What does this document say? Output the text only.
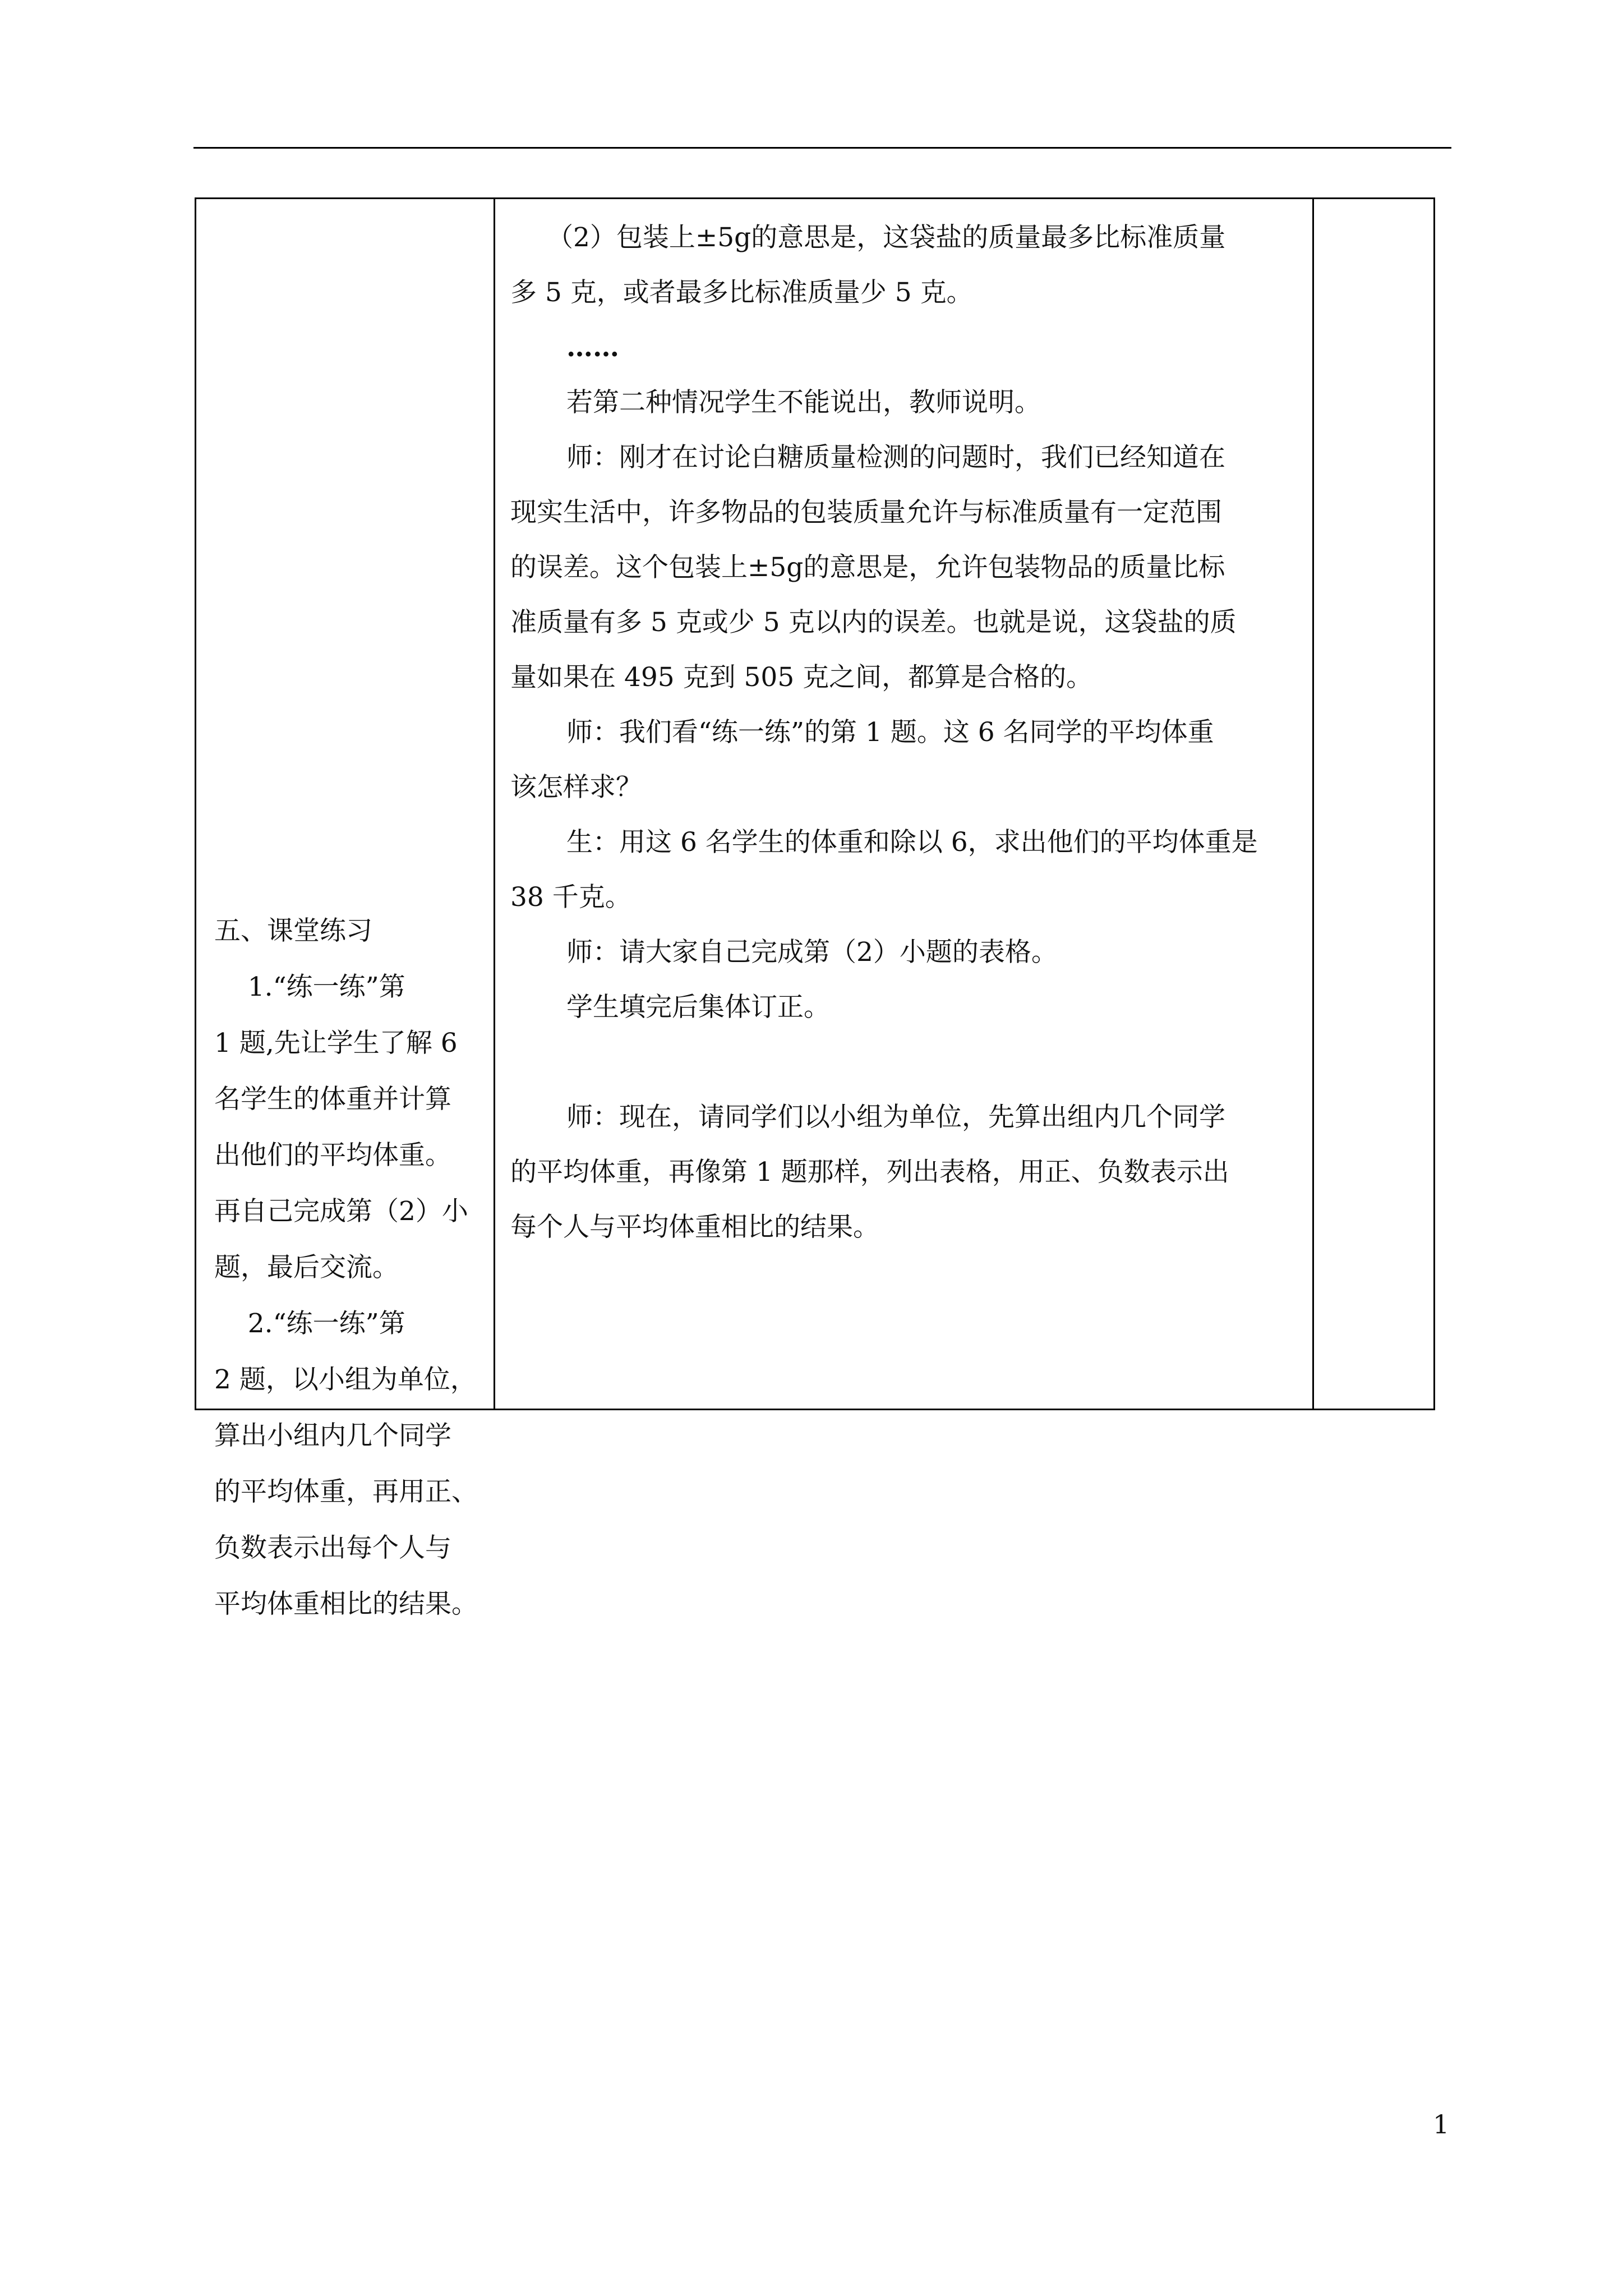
五、课堂练习
1.“练一练”第
1 题,先让学生了解 6
名学生的体重并计算
出他们的平均体重。
再自己完成第（2）小
题，最后交流。
2.“练一练”第
2 题，以小组为单位，
算出小组内几个同学
的平均体重，再用正、
负数表示出每个人与
平均体重相比的结果。
（2）包装上±5g的意思是，这袋盐的质量最多比标准质量
多 5 克，或者最多比标准质量少 5 克。
……
若第二种情况学生不能说出，教师说明。
师：刚才在讨论白糖质量检测的问题时，我们已经知道在
现实生活中，许多物品的包装质量允许与标准质量有一定范围
的误差。这个包装上±5g的意思是，允许包装物品的质量比标
准质量有多 5 克或少 5 克以内的误差。也就是说，这袋盐的质
量如果在 495 克到 505 克之间，都算是合格的。
师：我们看“练一练”的第 1 题。这 6 名同学的平均体重
该怎样求？
生：用这 6 名学生的体重和除以 6，求出他们的平均体重是
38 千克。
师：请大家自己完成第（2）小题的表格。
学生填完后集体订正。
师：现在，请同学们以小组为单位，先算出组内几个同学
的平均体重，再像第 1 题那样，列出表格，用正、负数表示出
每个人与平均体重相比的结果。
1
